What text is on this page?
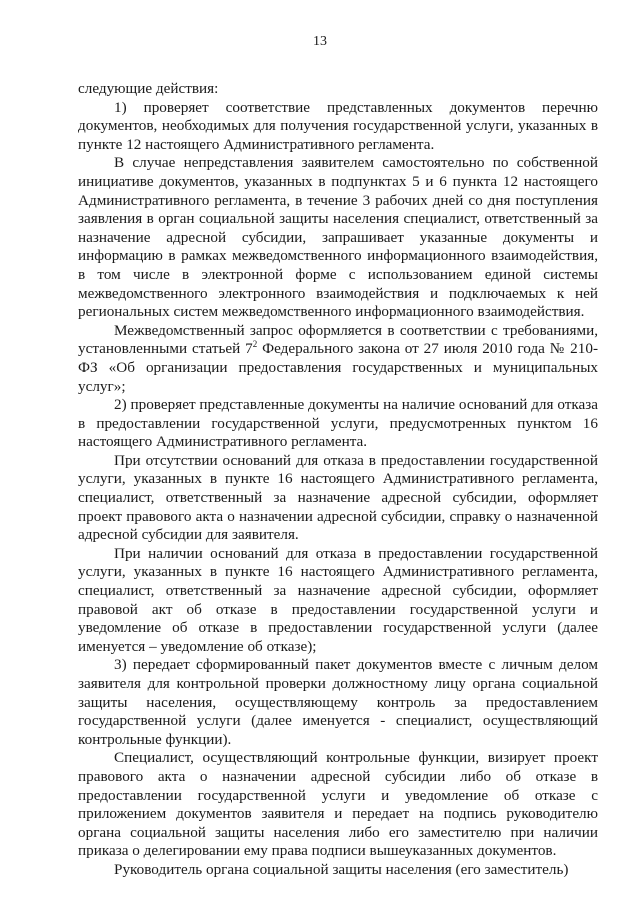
13

следующие действия:

1) проверяет соответствие представленных документов перечню документов, необходимых для получения государственной услуги, указанных в пункте 12 настоящего Административного регламента.

В случае непредставления заявителем самостоятельно по собственной инициативе документов, указанных в подпунктах 5 и 6 пункта 12 настоящего Административного регламента, в течение 3 рабочих дней со дня поступления заявления в орган социальной защиты населения специалист, ответственный за назначение адресной субсидии, запрашивает указанные документы и информацию в рамках межведомственного информационного взаимодействия, в том числе в электронной форме с использованием единой системы межведомственного электронного взаимодействия и подключаемых к ней региональных систем межведомственного информационного взаимодействия.

Межведомственный запрос оформляется в соответствии с требованиями, установленными статьей $7^2$ Федерального закона от 27 июля 2010 года № 210-ФЗ «Об организации предоставления государственных и муниципальных услуг»;

2) проверяет представленные документы на наличие оснований для отказа в предоставлении государственной услуги, предусмотренных пунктом 16 настоящего Административного регламента.

При отсутствии оснований для отказа в предоставлении государственной услуги, указанных в пункте 16 настоящего Административного регламента, специалист, ответственный за назначение адресной субсидии, оформляет проект правового акта о назначении адресной субсидии, справку о назначенной адресной субсидии для заявителя.

При наличии оснований для отказа в предоставлении государственной услуги, указанных в пункте 16 настоящего Административного регламента, специалист, ответственный за назначение адресной субсидии, оформляет правовой акт об отказе в предоставлении государственной услуги и уведомление об отказе в предоставлении государственной услуги (далее именуется – уведомление об отказе);

3) передает сформированный пакет документов вместе с личным делом заявителя для контрольной проверки должностному лицу органа социальной защиты населения, осуществляющему контроль за предоставлением государственной услуги (далее именуется - специалист, осуществляющий контрольные функции).

Специалист, осуществляющий контрольные функции, визирует проект правового акта о назначении адресной субсидии либо об отказе в предоставлении государственной услуги и уведомление об отказе с приложением документов заявителя и передает на подпись руководителю органа социальной защиты населения либо его заместителю при наличии приказа о делегировании ему права подписи вышеуказанных документов.

Руководитель органа социальной защиты населения (его заместитель)
